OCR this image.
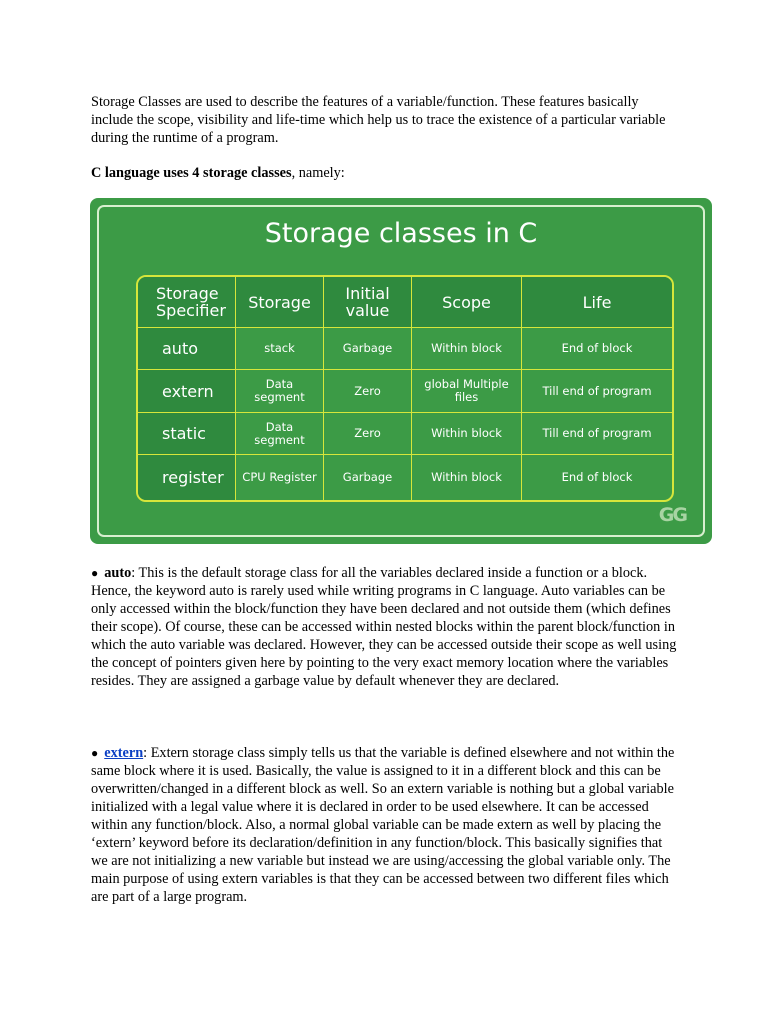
Storage Classes are used to describe the features of a variable/function. These features basically include the scope, visibility and life-time which help us to trace the existence of a particular variable during the runtime of a program.

C language uses 4 storage classes, namely:

Storage classes in C
Storage Specifier	Storage	Initial value	Scope	Life
auto	stack	Garbage	Within block	End of block
extern	Data segment	Zero	global Multiple files	Till end of program
static	Data segment	Zero	Within block	Till end of program
register	CPU Register	Garbage	Within block	End of block
GG

● auto: This is the default storage class for all the variables declared inside a function or a block. Hence, the keyword auto is rarely used while writing programs in C language. Auto variables can be only accessed within the block/function they have been declared and not outside them (which defines their scope). Of course, these can be accessed within nested blocks within the parent block/function in which the auto variable was declared. However, they can be accessed outside their scope as well using the concept of pointers given here by pointing to the very exact memory location where the variables resides. They are assigned a garbage value by default whenever they are declared.

● extern: Extern storage class simply tells us that the variable is defined elsewhere and not within the same block where it is used. Basically, the value is assigned to it in a different block and this can be overwritten/changed in a different block as well. So an extern variable is nothing but a global variable initialized with a legal value where it is declared in order to be used elsewhere. It can be accessed within any function/block. Also, a normal global variable can be made extern as well by placing the ‘extern’ keyword before its declaration/definition in any function/block. This basically signifies that we are not initializing a new variable but instead we are using/accessing the global variable only. The main purpose of using extern variables is that they can be accessed between two different files which are part of a large program.
